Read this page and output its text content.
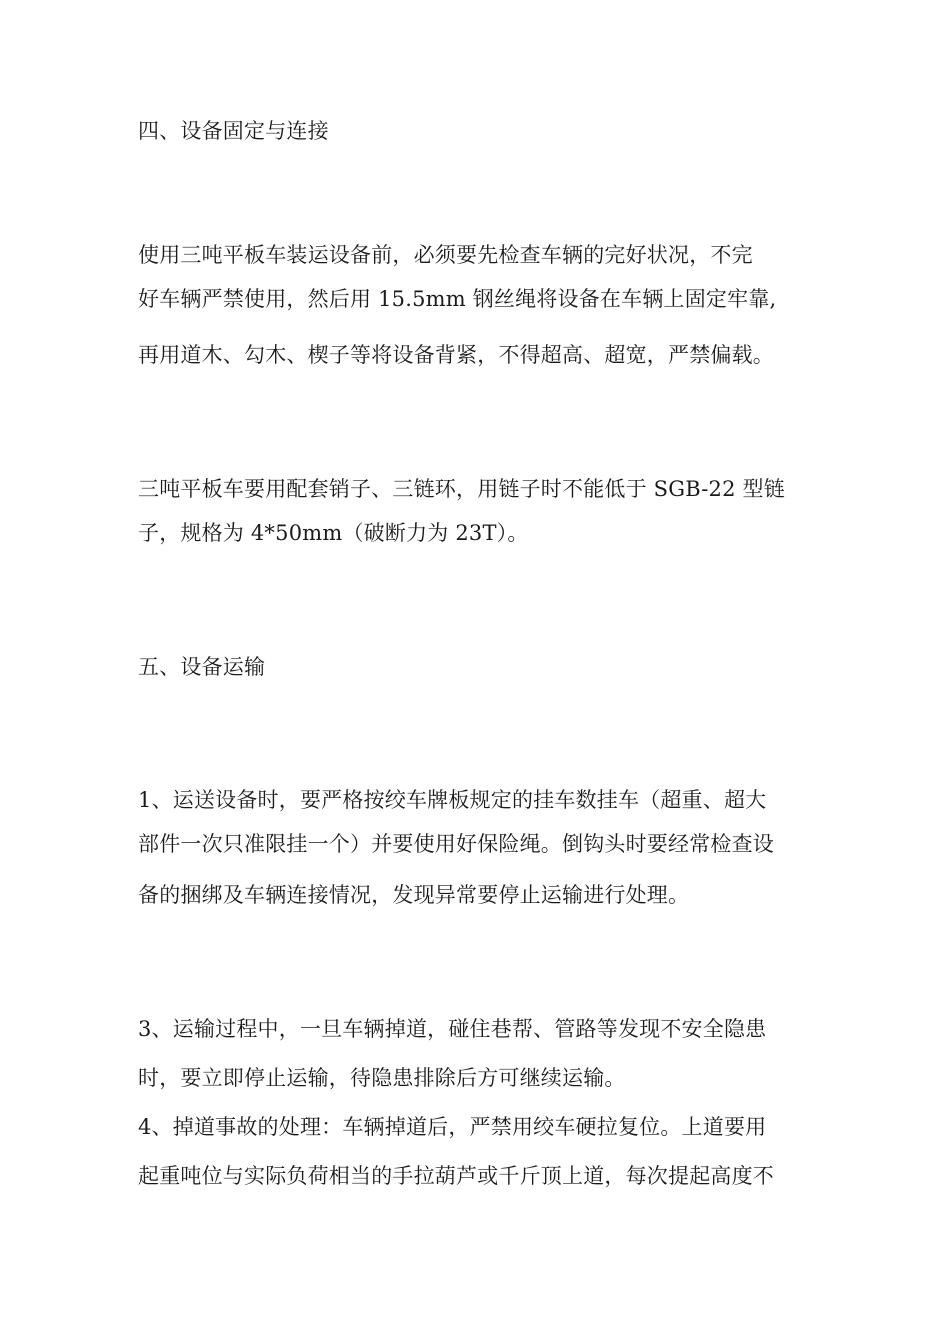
四、设备固定与连接
使用三吨平板车装运设备前，必须要先检查车辆的完好状况，不完
好车辆严禁使用，然后用 15.5mm 钢丝绳将设备在车辆上固定牢靠,
再用道木、勾木、楔子等将设备背紧，不得超高、超宽，严禁偏载。
三吨平板车要用配套销子、三链环，用链子时不能低于 SGB-22 型链
子，规格为 4*50mm（破断力为 23T）。
五、设备运输
1、运送设备时，要严格按绞车牌板规定的挂车数挂车（超重、超大
部件一次只准限挂一个）并要使用好保险绳。倒钩头时要经常检查设
备的捆绑及车辆连接情况，发现异常要停止运输进行处理。
3、运输过程中，一旦车辆掉道，碰住巷帮、管路等发现不安全隐患
时，要立即停止运输，待隐患排除后方可继续运输。
4、掉道事故的处理：车辆掉道后，严禁用绞车硬拉复位。上道要用
起重吨位与实际负荷相当的手拉葫芦或千斤顶上道，每次提起高度不
